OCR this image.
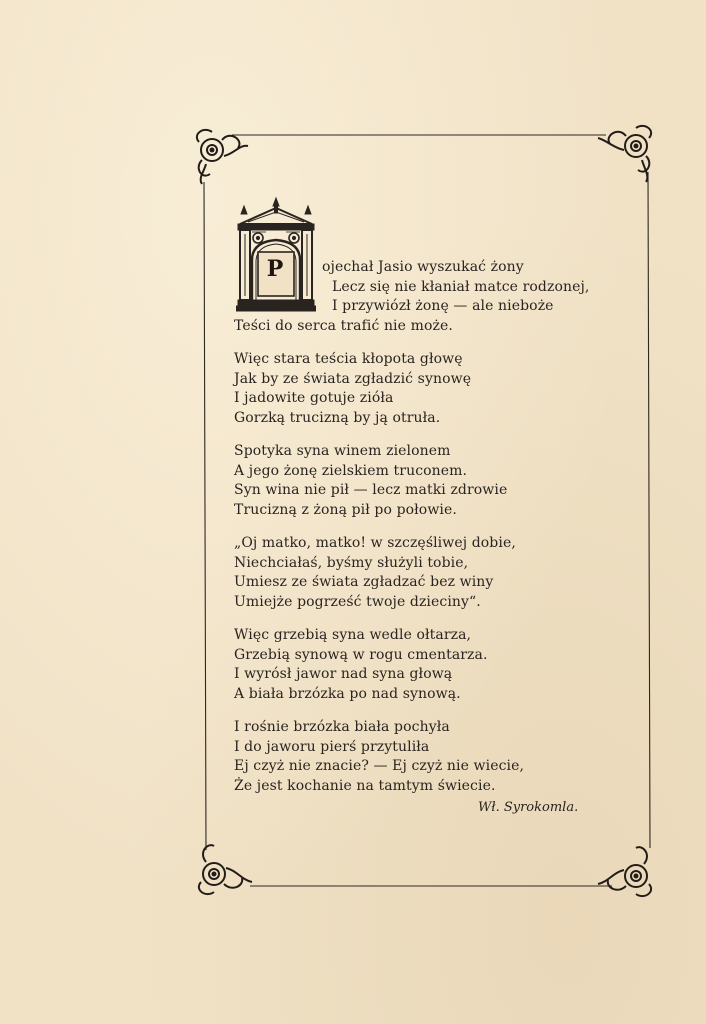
P	ojechał Jasio wyszukać żony
Lecz się nie kłaniał matce rodzonej,
I przywiózł żonę — ale nieboże
Teści do serca trafić nie może.
Więc stara teścia kłopota głowę
Jak by ze świata zgładzić synowę
I jadowite gotuje zióła
Gorzką trucizną by ją otruła.
Spotyka syna winem zielonem
A jego żonę zielskiem truconem.
Syn wina nie pił — lecz matki zdrowie
Trucizną z żoną pił po połowie.
„Oj matko, matko! w szczęśliwej dobie,
Niechciałaś, byśmy służyli tobie,
Umiesz ze świata zgładzać bez winy
Umiejże pogrześć twoje dzieciny“.
Więc grzebią syna wedle ołtarza,
Grzebią synową w rogu cmentarza.
I wyrósł jawor nad syna głową
A biała brzózka po nad synową.
I rośnie brzózka biała pochyła
I do jaworu pierś przytuliła
Ej czyż nie znacie? — Ej czyż nie wiecie,
Że jest kochanie na tamtym świecie.
Wł. Syrokomla.
